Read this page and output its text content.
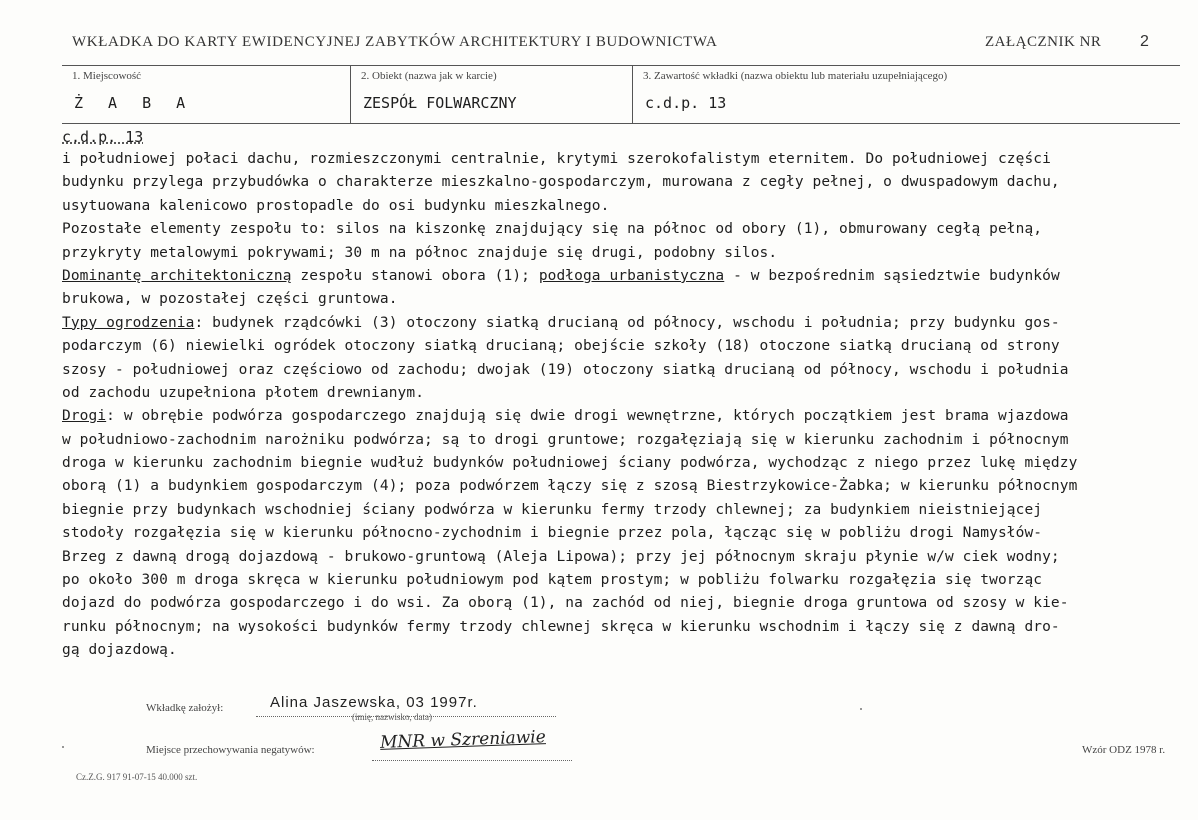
WKŁADKA DO KARTY EWIDENCYJNEJ ZABYTKÓW ARCHITEKTURY I BUDOWNICTWA	ZAŁĄCZNIK NR 2
1. Miejscowość
Ż A B A
2. Obiekt (nazwa jak w karcie)
ZESPÓŁ FOLWARCZNY
3. Zawartość wkładki (nazwa obiektu lub materiału uzupełniającego)
c.d.p. 13
c.d.p. 13
i południowej połaci dachu, rozmieszczonymi centralnie, krytymi szerokofalistym eternitem. Do południowej części
budynku przylega przybudówka o charakterze mieszkalno-gospodarczym, murowana z cegły pełnej, o dwuspadowym dachu,
usytuowana kalenicowo prostopadle do osi budynku mieszkalnego.
Pozostałe elementy zespołu to: silos na kiszonkę znajdujący się na północ od obory (1), obmurowany cegłą pełną,
przykryty metalowymi pokrywami; 30 m na północ znajduje się drugi, podobny silos.
Dominantę architektoniczną zespołu stanowi obora (1); podłoga urbanistyczna - w bezpośrednim sąsiedztwie budynków
brukowa, w pozostałej części gruntowa.
Typy ogrodzenia: budynek rządcówki (3) otoczony siatką drucianą od północy, wschodu i południa; przy budynku gos-
podarczym (6) niewielki ogródek otoczony siatką drucianą; obejście szkoły (18) otoczone siatką drucianą od strony
szosy - południowej oraz częściowo od zachodu; dwojak (19) otoczony siatką drucianą od północy, wschodu i południa
od zachodu uzupełniona płotem drewnianym.
Drogi: w obrębie podwórza gospodarczego znajdują się dwie drogi wewnętrzne, których początkiem jest brama wjazdowa
w południowo-zachodnim narożniku podwórza; są to drogi gruntowe; rozgałęziają się w kierunku zachodnim i północnym
droga w kierunku zachodnim biegnie wudłuż budynków południowej ściany podwórza, wychodząc z niego przez lukę między
oborą (1) a budynkiem gospodarczym (4); poza podwórzem łączy się z szosą Biestrzykowice-Żabka; w kierunku północnym
biegnie przy budynkach wschodniej ściany podwórza w kierunku fermy trzody chlewnej; za budynkiem nieistniejącej
stodoły rozgałęzia się w kierunku północno-zychodnim i biegnie przez pola, łącząc się w pobliżu drogi Namysłów-
Brzeg z dawną drogą dojazdową - brukowo-gruntową (Aleja Lipowa); przy jej północnym skraju płynie w/w ciek wodny;
po około 300 m droga skręca w kierunku południowym pod kątem prostym; w pobliżu folwarku rozgałęzia się tworząc
dojazd do podwórza gospodarczego i do wsi. Za oborą (1), na zachód od niej, biegnie droga gruntowa od szosy w kie-
runku północnym; na wysokości budynków fermy trzody chlewnej skręca w kierunku wschodnim i łączy się z dawną dro-
gą dojazdową.
Wkładkę założył:	Alina Jaszewska, 03 1997r.
(imię, nazwisko, data)
Miejsce przechowywania negatywów:	MNR w Szreniawie	Wzór ODZ 1978 r.
Cz.Z.G. 917 91-07-15 40.000 szt.
